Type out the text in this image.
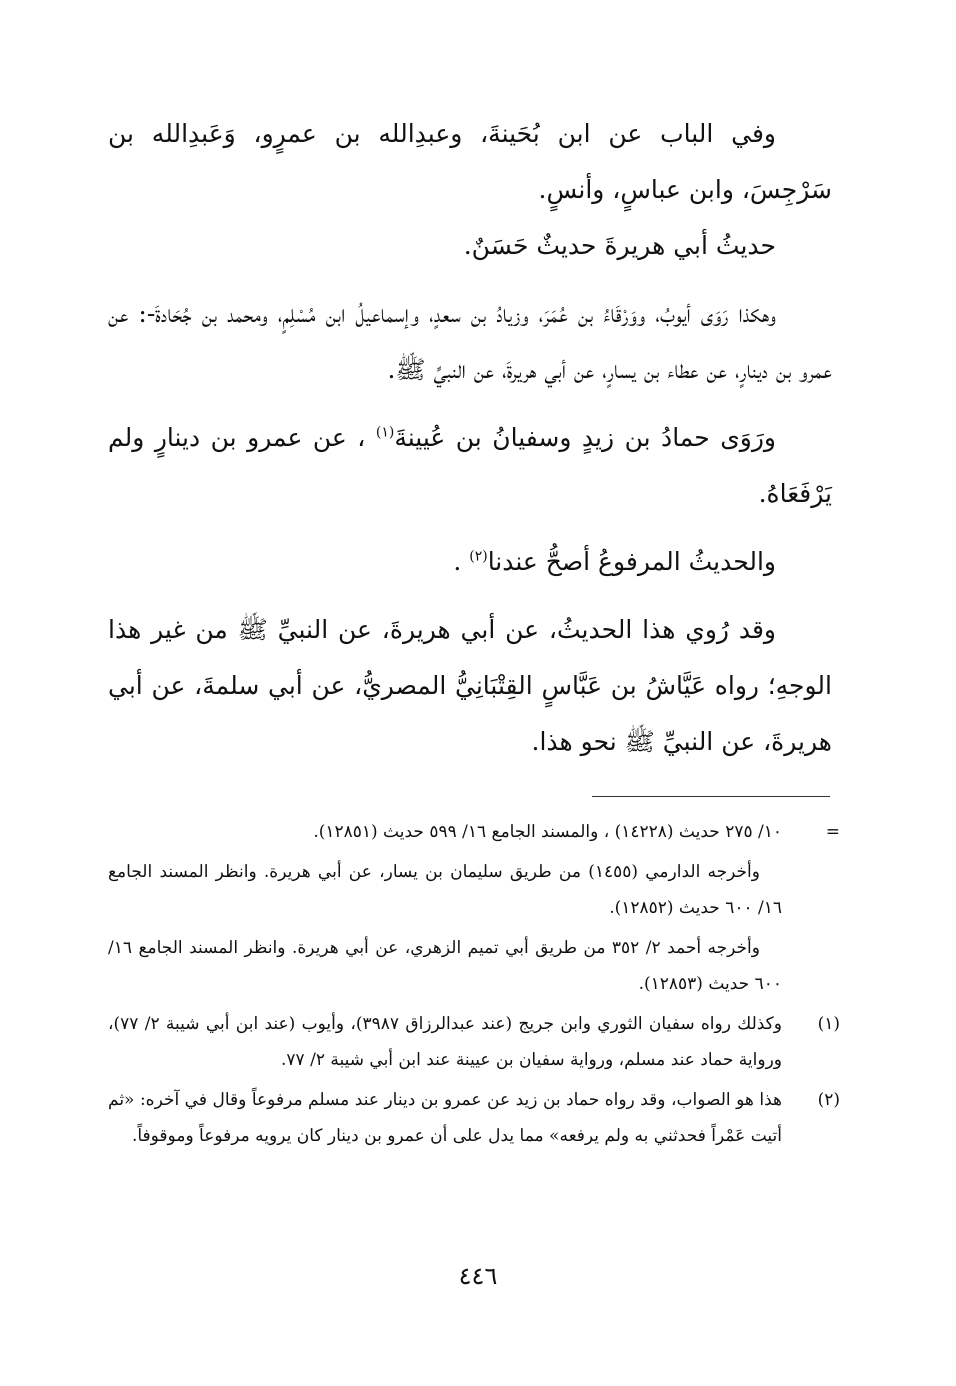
وفي الباب عن ابن بُحَينةَ، وعبدِالله بن عمرٍو، وَعَبدِالله بن سَرْجِسَ، وابن عباسٍ، وأنسٍ.

حديثُ أبي هريرةَ حديثٌ حَسَنٌ.

وهكذا رَوَى أيوبُ، ووَرْقَاءُ بن عُمَرَ، وزيادُ بن سعدٍ، وإسماعيلُ ابن مُسْلِمٍ، ومحمد بن جُحَادةَ-: عن عمرو بن دينارٍ، عن عطاء بن يسارٍ، عن أبي هريرةَ، عن النبيِّ ﷺ.

ورَوَى حمادُ بن زيدٍ وسفيانُ بن عُيينةَ$^{(١)}$ ، عن عمرو بن دينارٍ ولم يَرْفَعَاهُ.

والحديثُ المرفوعُ أصحُّ عندنا$^{(٢)}$ .

وقد رُوي هذا الحديثُ، عن أبي هريرةَ، عن النبيِّ ﷺ من غير هذا الوجهِ؛ رواه عَيَّاشُ بن عَبَّاسٍ القِتْبَانِيُّ المصريُّ، عن أبي سلمةَ، عن أبي هريرةَ، عن النبيِّ ﷺ نحو هذا.

=
١٠/ ٢٧٥ حديث (١٤٢٢٨) ، والمسند الجامع ١٦/ ٥٩٩ حديث (١٢٨٥١).
وأخرجه الدارمي (١٤٥٥) من طريق سليمان بن يسار، عن أبي هريرة. وانظر المسند الجامع ١٦/ ٦٠٠ حديث (١٢٨٥٢).
وأخرجه أحمد ٢/ ٣٥٢ من طريق أبي تميم الزهري، عن أبي هريرة. وانظر المسند الجامع ١٦/ ٦٠٠ حديث (١٢٨٥٣).
(١)
وكذلك رواه سفيان الثوري وابن جريج (عند عبدالرزاق ٣٩٨٧)، وأيوب (عند ابن أبي شيبة ٢/ ٧٧)، ورواية حماد عند مسلم، ورواية سفيان بن عيينة عند ابن أبي شيبة ٢/ ٧٧.
(٢)
هذا هو الصواب، وقد رواه حماد بن زيد عن عمرو بن دينار عند مسلم مرفوعاً وقال في آخره: «ثم أتيت عَمْراً فحدثني به ولم يرفعه» مما يدل على أن عمرو بن دينار كان يرويه مرفوعاً وموقوفاً.
٤٤٦
